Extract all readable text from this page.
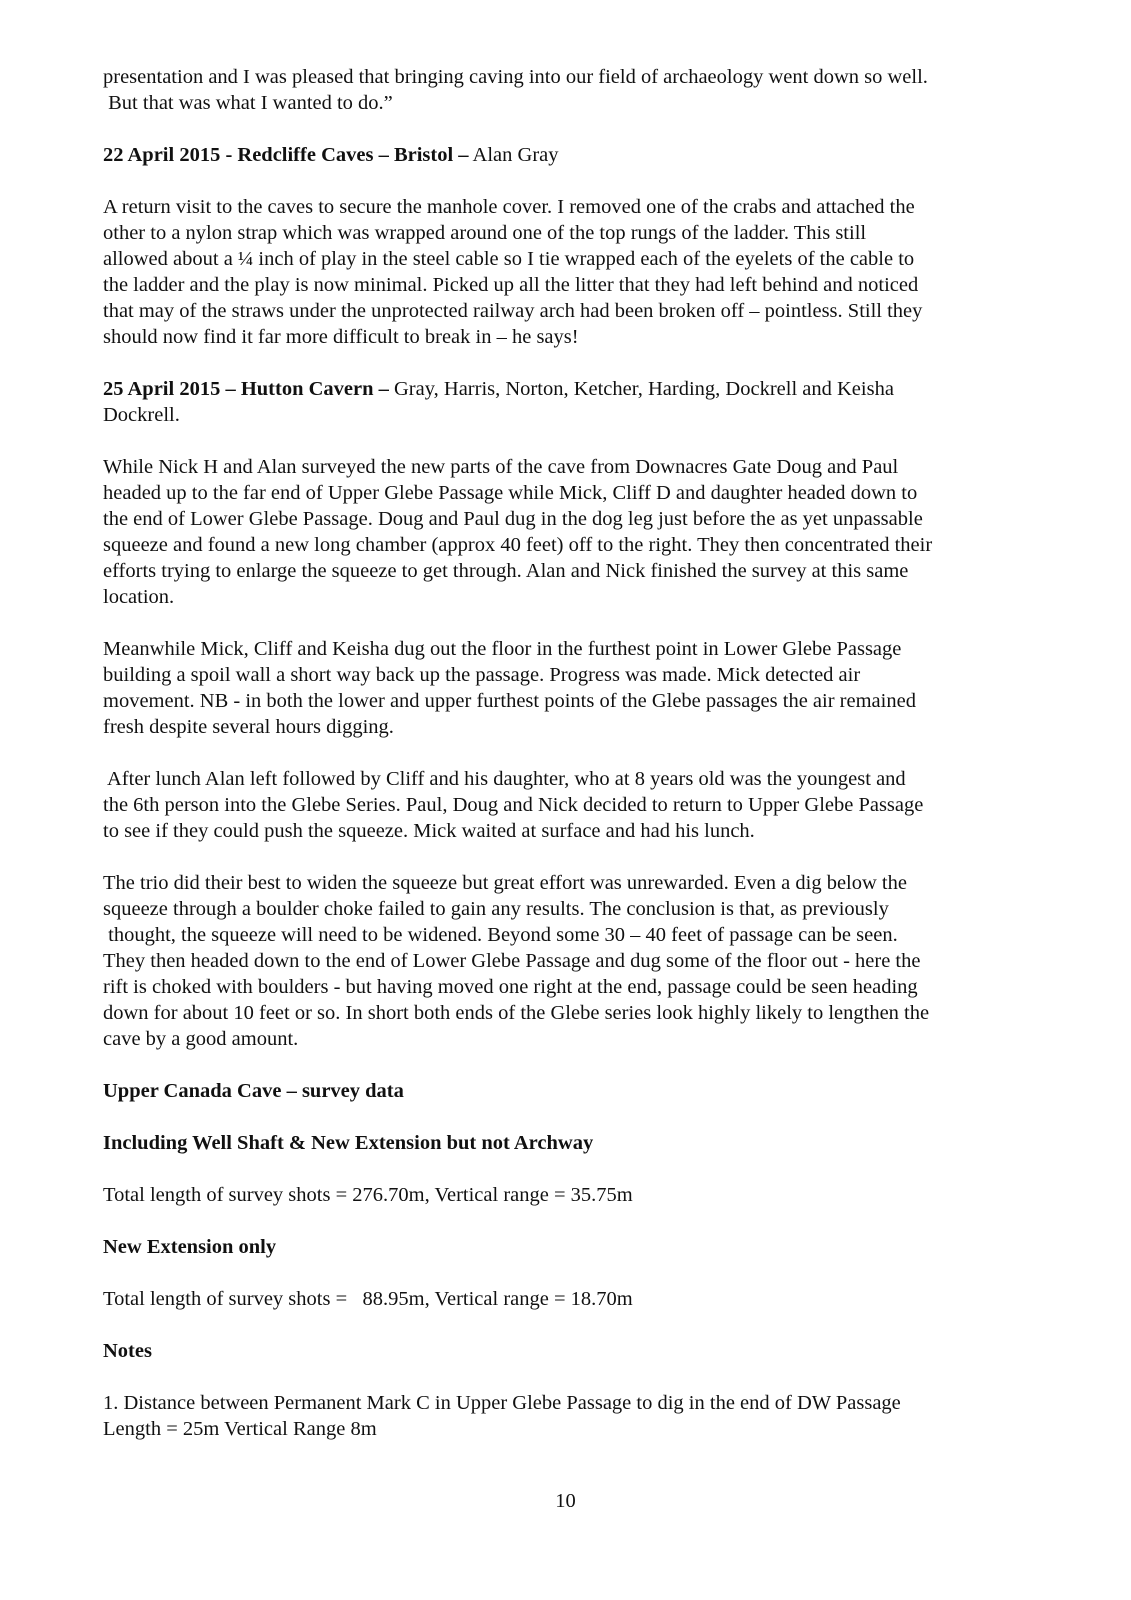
presentation and I was pleased that bringing caving into our field of archaeology went down so well.
But that was what I wanted to do.”

22 April 2015 - Redcliffe Caves – Bristol – Alan Gray

A return visit to the caves to secure the manhole cover. I removed one of the crabs and attached the
other to a nylon strap which was wrapped around one of the top rungs of the ladder. This still
allowed about a ¼ inch of play in the steel cable so I tie wrapped each of the eyelets of the cable to
the ladder and the play is now minimal. Picked up all the litter that they had left behind and noticed
that may of the straws under the unprotected railway arch had been broken off – pointless. Still they
should now find it far more difficult to break in – he says!

25 April 2015 – Hutton Cavern – Gray, Harris, Norton, Ketcher, Harding, Dockrell and Keisha
Dockrell.

While Nick H and Alan surveyed the new parts of the cave from Downacres Gate Doug and Paul
headed up to the far end of Upper Glebe Passage while Mick, Cliff D and daughter headed down to
the end of Lower Glebe Passage. Doug and Paul dug in the dog leg just before the as yet unpassable
squeeze and found a new long chamber (approx 40 feet) off to the right. They then concentrated their
efforts trying to enlarge the squeeze to get through. Alan and Nick finished the survey at this same
location.

Meanwhile Mick, Cliff and Keisha dug out the floor in the furthest point in Lower Glebe Passage
building a spoil wall a short way back up the passage. Progress was made. Mick detected air
movement. NB - in both the lower and upper furthest points of the Glebe passages the air remained
fresh despite several hours digging.

After lunch Alan left followed by Cliff and his daughter, who at 8 years old was the youngest and
the 6th person into the Glebe Series. Paul, Doug and Nick decided to return to Upper Glebe Passage
to see if they could push the squeeze. Mick waited at surface and had his lunch.

The trio did their best to widen the squeeze but great effort was unrewarded. Even a dig below the
squeeze through a boulder choke failed to gain any results. The conclusion is that, as previously
thought, the squeeze will need to be widened. Beyond some 30 – 40 feet of passage can be seen.
They then headed down to the end of Lower Glebe Passage and dug some of the floor out - here the
rift is choked with boulders - but having moved one right at the end, passage could be seen heading
down for about 10 feet or so. In short both ends of the Glebe series look highly likely to lengthen the
cave by a good amount.

Upper Canada Cave – survey data

Including Well Shaft & New Extension but not Archway

Total length of survey shots = 276.70m, Vertical range = 35.75m

New Extension only

Total length of survey shots =   88.95m, Vertical range = 18.70m

Notes

1. Distance between Permanent Mark C in Upper Glebe Passage to dig in the end of DW Passage
Length = 25m Vertical Range 8m

10
